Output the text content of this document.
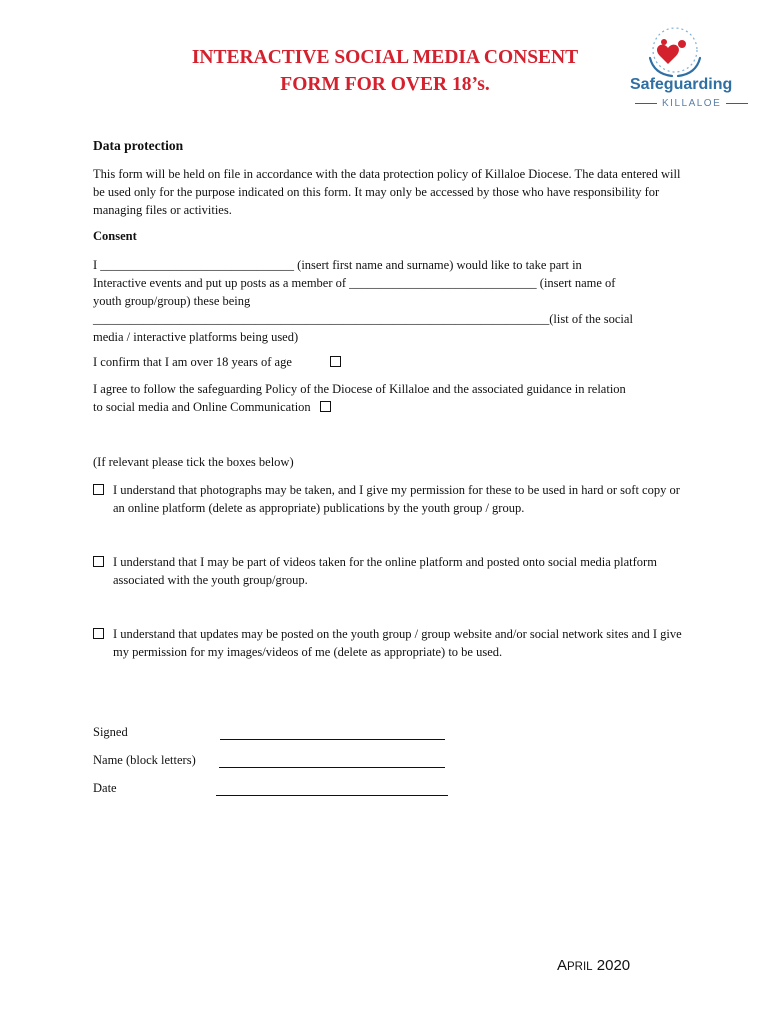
INTERACTIVE SOCIAL MEDIA CONSENT
FORM FOR OVER 18’s.	Safeguarding
KILLALOE
Data protection
This form will be held on file in accordance with the data protection policy of Killaloe Diocese. The data entered will be used only for the purpose indicated on this form. It may only be accessed by those who have responsibility for managing files or activities.
Consent
I _______________________________ (insert first name and surname) would like to take part in
Interactive events and put up posts as a member of ______________________________ (insert name of
youth group/group) these being
_________________________________________________________________________(list of the social
media / interactive platforms being used)
I confirm that I am over 18 years of age
I agree to follow the safeguarding Policy of the Diocese of Killaloe and the associated guidance in relation
to social media and Online Communication
(If relevant please tick the boxes below)
I understand that photographs may be taken, and I give my permission for these to be used in hard or soft copy or an online platform (delete as appropriate) publications by the youth group / group.
I understand that I may be part of videos taken for the online platform and posted onto social media platform associated with the youth group/group.
I understand that updates may be posted on the youth group / group website and/or social network sites and I give my permission for my images/videos of me (delete as appropriate) to be used.
Signed
Name (block letters)
Date
APRIL 2020
